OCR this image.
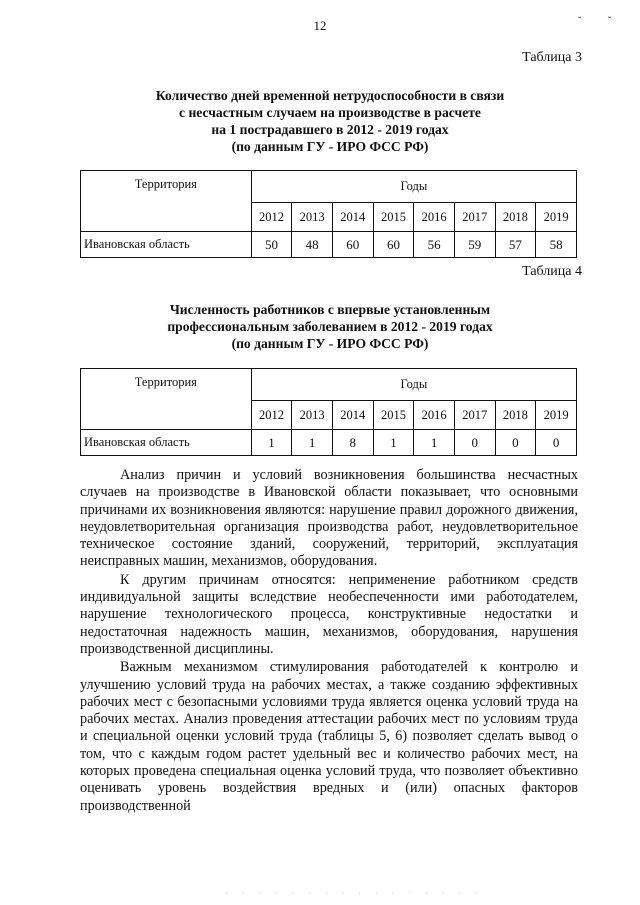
12	˘ ˇ
Таблица 3
Количество дней временной нетрудоспособности в связи
с несчастным случаем на производстве в расчете
на 1 пострадавшего в 2012 - 2019 годах
(по данным ГУ - ИРО ФСС РФ)
Территория	Годы							
	2012	2013	2014	2015	2016	2017	2018	2019
Ивановская область	50	48	60	60	56	59	57	58
Таблица 4
Численность работников с впервые установленным
профессиональным заболеванием в 2012 - 2019 годах
(по данным ГУ - ИРО ФСС РФ)
Территория	Годы							
	2012	2013	2014	2015	2016	2017	2018	2019
Ивановская область	1	1	8	1	1	0	0	0

Анализ причин и условий возникновения большинства несчастных случаев на производстве в Ивановской области показывает, что основными причинами их возникновения являются: нарушение правил дорожного движения, неудовлетворительная организация производства работ, неудовлетворительное техническое состояние зданий, сооружений, территорий, эксплуатация неисправных машин, механизмов, оборудования.

К другим причинам относятся: неприменение работником средств индивидуальной защиты вследствие необеспеченности ими работодателем, нарушение технологического процесса, конструктивные недостатки и недостаточная надежность машин, механизмов, оборудования, нарушения производственной дисциплины.

Важным механизмом стимулирования работодателей к контролю и улучшению условий труда на рабочих местах, а также созданию эффективных рабочих мест с безопасными условиями труда является оценка условий труда на рабочих местах. Анализ проведения аттестации рабочих мест по условиям труда и специальной оценки условий труда (таблицы 5, 6) позволяет сделать вывод о том, что с каждым годом растет удельный вес и количество рабочих мест, на которых проведена специальная оценка условий труда, что позволяет объективно оценивать уровень воздействия вредных и (или) опасных факторов производственной

· · · · · · · · · · · · · · · ·
